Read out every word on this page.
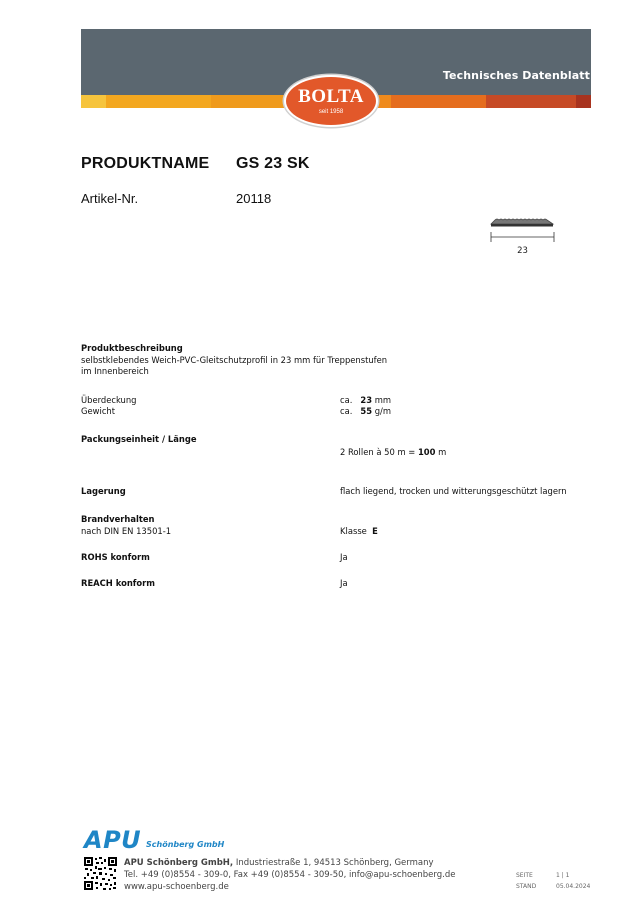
Technisches Datenblatt
BOLTA
seit 1958
PRODUKTNAME GS 23 SK
Artikel-Nr.	20118
23
Produktbeschreibung
selbstklebendes Weich-PVC-Gleitschutzprofil in 23 mm für Treppenstufen
im Innenbereich
Überdeckung	ca. 23 mm
Gewicht	ca. 55 g/m
Packungseinheit / Länge
2 Rollen à 50 m = 100 m
Lagerung	flach liegend, trocken und witterungsgeschützt lagern
Brandverhalten
nach DIN EN 13501-1	Klasse E
ROHS konform	Ja
REACH konform	Ja
APU Schönberg GmbH
APU Schönberg GmbH, Industriestraße 1, 94513 Schönberg, Germany
Tel. +49 (0)8554 - 309-0, Fax +49 (0)8554 - 309-50, info@apu-schoenberg.de
www.apu-schoenberg.de
SEITE	1 | 1
STAND	05.04.2024
